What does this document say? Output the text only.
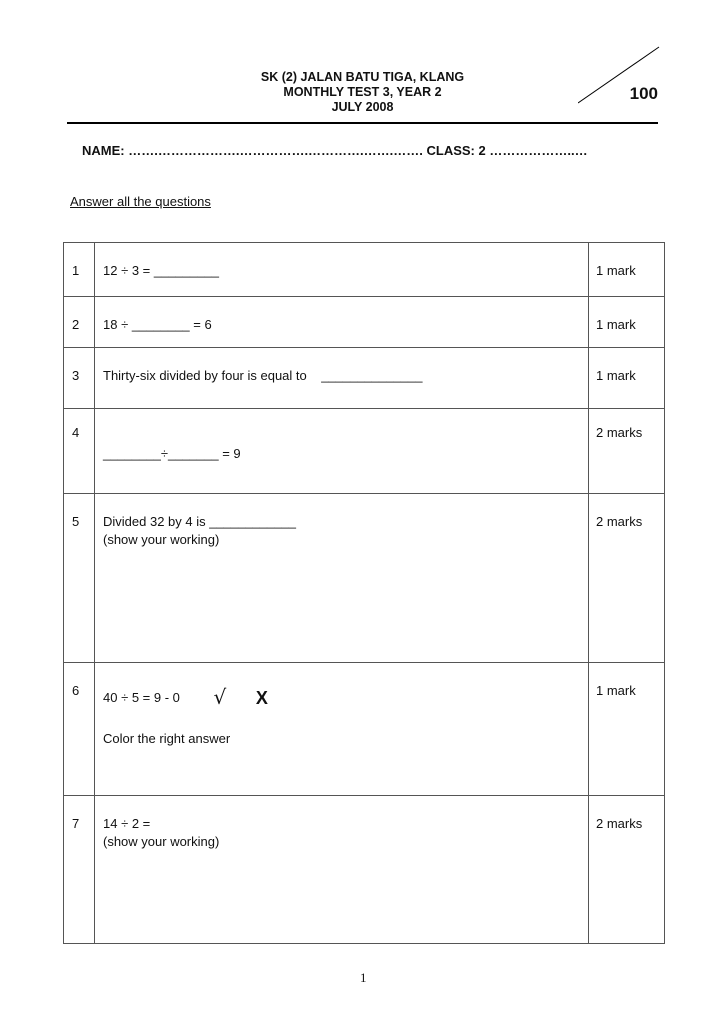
SK (2) JALAN BATU TIGA, KLANG
MONTHLY TEST 3, YEAR 2
JULY 2008
100
NAME: …….……………….…………….………….…….……. CLASS: 2 ………………..…
Answer all the questions
1	12 ÷ 3 = _________	1 mark
2	18 ÷ ________ = 6	1 mark
3	Thirty-six divided by four is equal to    ______________	1 mark
4	________÷_______ = 9	2 marks
5	Divided 32 by 4 is ____________
(show your working)	2 marks
6	40 ÷ 5 = 9 - 0 √ X
Color the right answer	1 mark
7	14 ÷ 2 =
(show your working)	2 marks
1
